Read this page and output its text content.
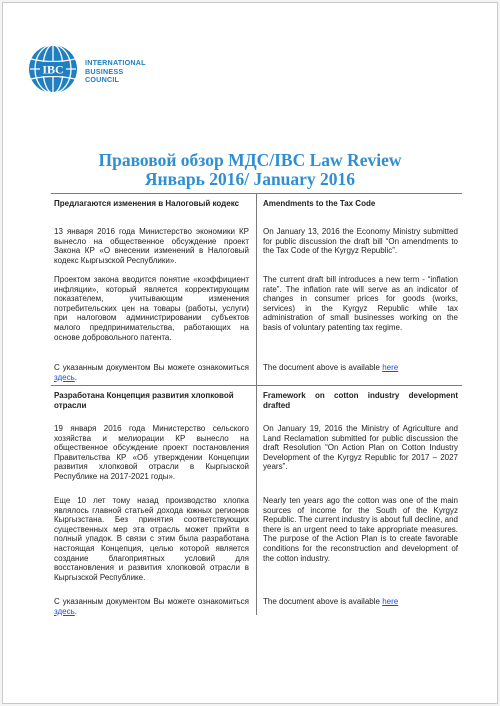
IBC	INTERNATIONAL
BUSINESS
COUNCIL
Правовой обзор МДС/IBC Law Review
Январь 2016/ January 2016
Предлагаются изменения в Налоговый кодекс	Amendments to the Tax Code
13 января 2016 года Министерство экономики КР вынесло на общественное обсуждение проект Закона КР «О внесении изменений в Налоговый кодекс Кыргызской Республики».
On January 13, 2016 the Economy Ministry submitted for public discussion the draft bill “On amendments to the Tax Code of the Kyrgyz Republic”.
Проектом закона вводится понятие «коэффициент инфляции», который является корректирующим показателем, учитывающим изменения потребительских цен на товары (работы, услуги) при налоговом администрировании субъектов малого предпринимательства, работающих на основе добровольного патента.
The current draft bill introduces a new term - “inflation rate”. The inflation rate will serve as an indicator of changes in consumer prices for goods (works, services) in the Kyrgyz Republic while tax administration of small businesses working on the basis of voluntary patenting tax regime.
С указанным документом Вы можете ознакомиться здесь.
The document above is available here
Разработана Концепция развития хлопковой отрасли
Framework on cotton industry development drafted
19 января 2016 года Министерство сельского хозяйства и мелиорации КР вынесло на общественное обсуждение проект постановления Правительства КР «Об утверждении Концепции развития хлопковой отрасли в Кыргызской Республике на 2017-2021 годы».
On January 19, 2016 the Ministry of Agriculture and Land Reclamation submitted for public discussion the draft Resolution “On Action Plan on Cotton Industry Development of the Kyrgyz Republic for 2017 – 2027 years”.
Еще 10 лет тому назад производство хлопка являлось главной статьей дохода южных регионов Кыргызстана. Без принятия соответствующих существенных мер эта отрасль может прийти в полный упадок. В связи с этим была разработана настоящая Концепция, целью которой является создание благоприятных условий для восстановления и развития хлопковой отрасли в Кыргызской Республике.
Nearly ten years ago the cotton was one of the main sources of income for the South of the Kyrgyz Republic. The current industry is about full decline, and there is an urgent need to take appropriate measures. The purpose of the Action Plan is to create favorable conditions for the reconstruction and development of the cotton industry.
С указанным документом Вы можете ознакомиться здесь.
The document above is available here
